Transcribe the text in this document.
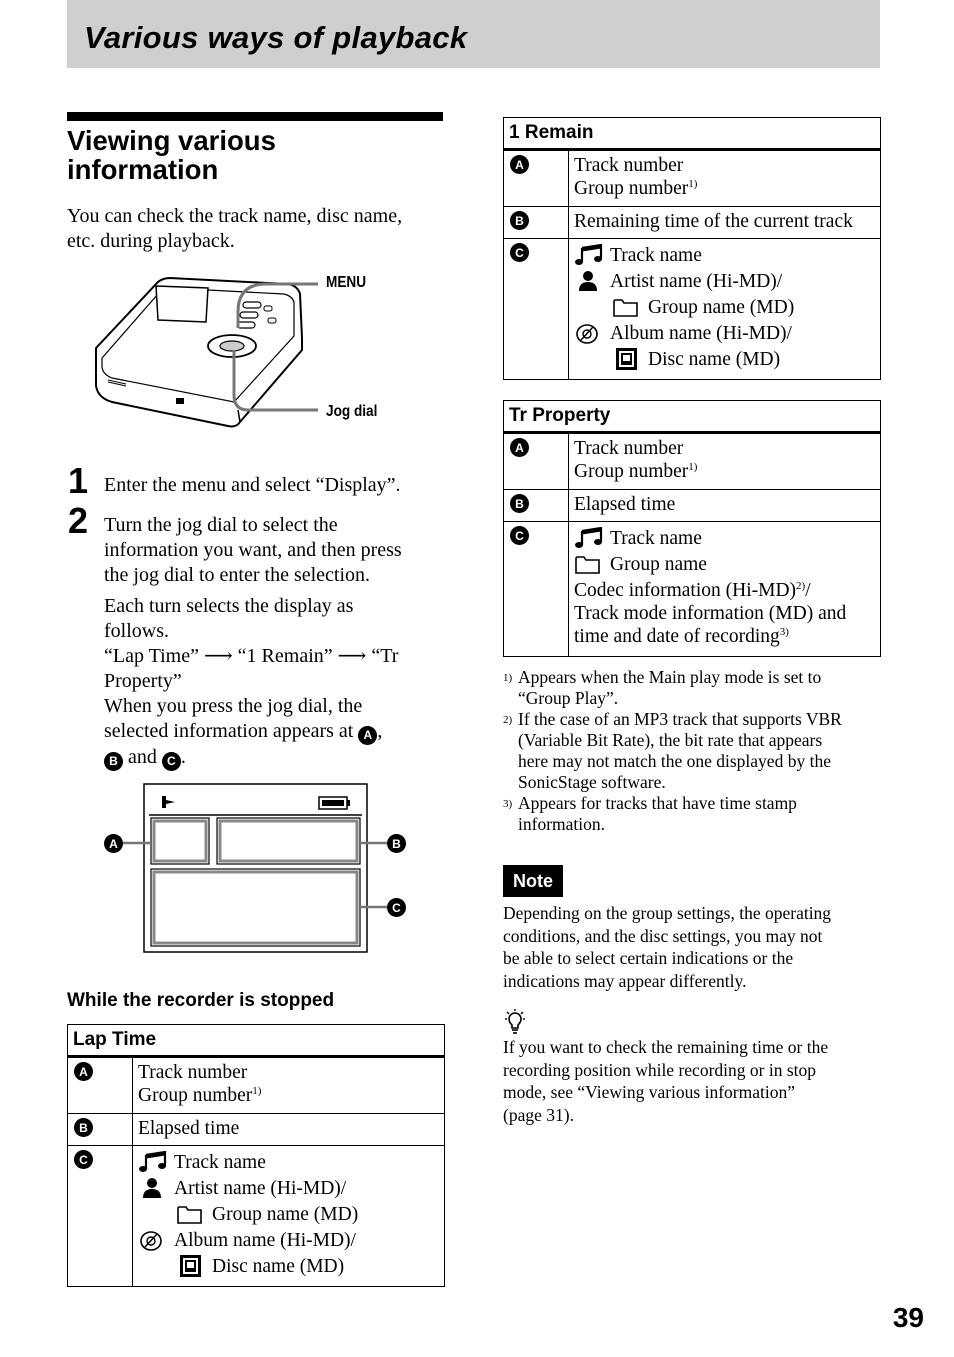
Various ways of playback
Viewing various
information
You can check the track name, disc name,
etc. during playback.
MENU
Jog dial
1 Enter the menu and select “Display”.
2 Turn the jog dial to select the
information you want, and then press
the jog dial to enter the selection.
Each turn selects the display as
follows.
“Lap Time” ⟶ “1 Remain” ⟶ “Tr
Property”
When you press the jog dial, the
selected information appears at A ,
B and C .
A	B
C
While the recorder is stopped
Lap Time
A	Track number
Group number$^{1)}$
B	Elapsed time
C	Track name
Artist name (Hi-MD)/
Group name (MD)
Album name (Hi-MD)/
Disc name (MD)
1 Remain
A	Track number
Group number$^{1)}$
B	Remaining time of the current track
C	Track name
Artist name (Hi-MD)/
Group name (MD)
Album name (Hi-MD)/
Disc name (MD)
Tr Property
A	Track number
Group number$^{1)}$
B	Elapsed time
C	Track name
Group name
Codec information $(Hi-MD)^{2)}/$
Track mode information (MD) and
time and date of recording$^{3)}$
1) Appears when the Main play mode is set to
“Group Play”.
2) If the case of an MP3 track that supports VBR
(Variable Bit Rate), the bit rate that appears
here may not match the one displayed by the
SonicStage software.
3) Appears for tracks that have time stamp
information.
Note
Depending on the group settings, the operating
conditions, and the disc settings, you may not
be able to select certain indications or the
indications may appear differently.
If you want to check the remaining time or the
recording position while recording or in stop
mode, see “Viewing various information”
(page 31).
39
